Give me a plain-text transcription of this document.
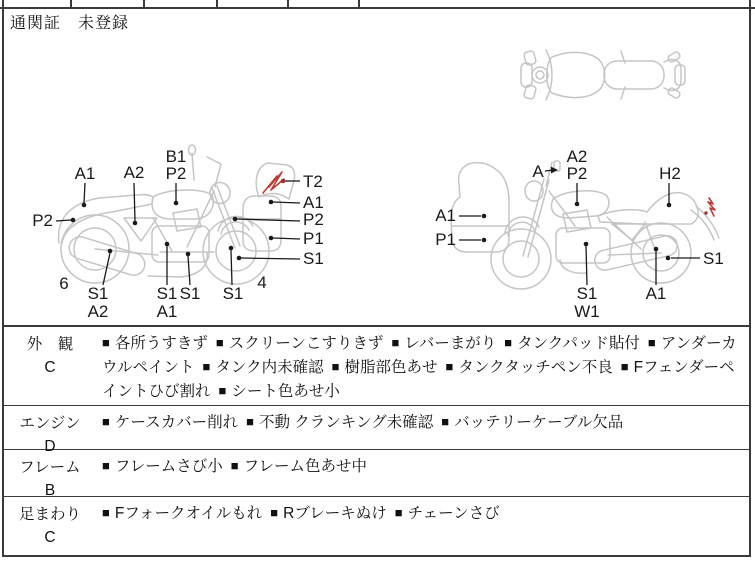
通関証 未登録
A1 A2
B1
P2
P2
T2
A1
P2
P1
S1
6
S1
A2
S1
A1
S1 S1
4
A
A2
P2	H2
A1
P1
S1
S1
W1
A1
外　観
C
■ 各所うすきず ■ スクリーンこすりきず ■ レバーまがり ■ タンクパッド貼付 ■ アンダーカウルペイント ■ タンク内未確認 ■ 樹脂部色あせ ■ タンクタッチペン不良 ■ Fフェンダーペイントひび割れ ■ シート色あせ小
エンジン
D
■ ケースカバー削れ ■ 不動 クランキング未確認 ■ バッテリーケーブル欠品
フレーム
B
■ フレームさび小 ■ フレーム色あせ中
足まわり
C
■ Fフォークオイルもれ ■ Rブレーキぬけ ■ チェーンさび
